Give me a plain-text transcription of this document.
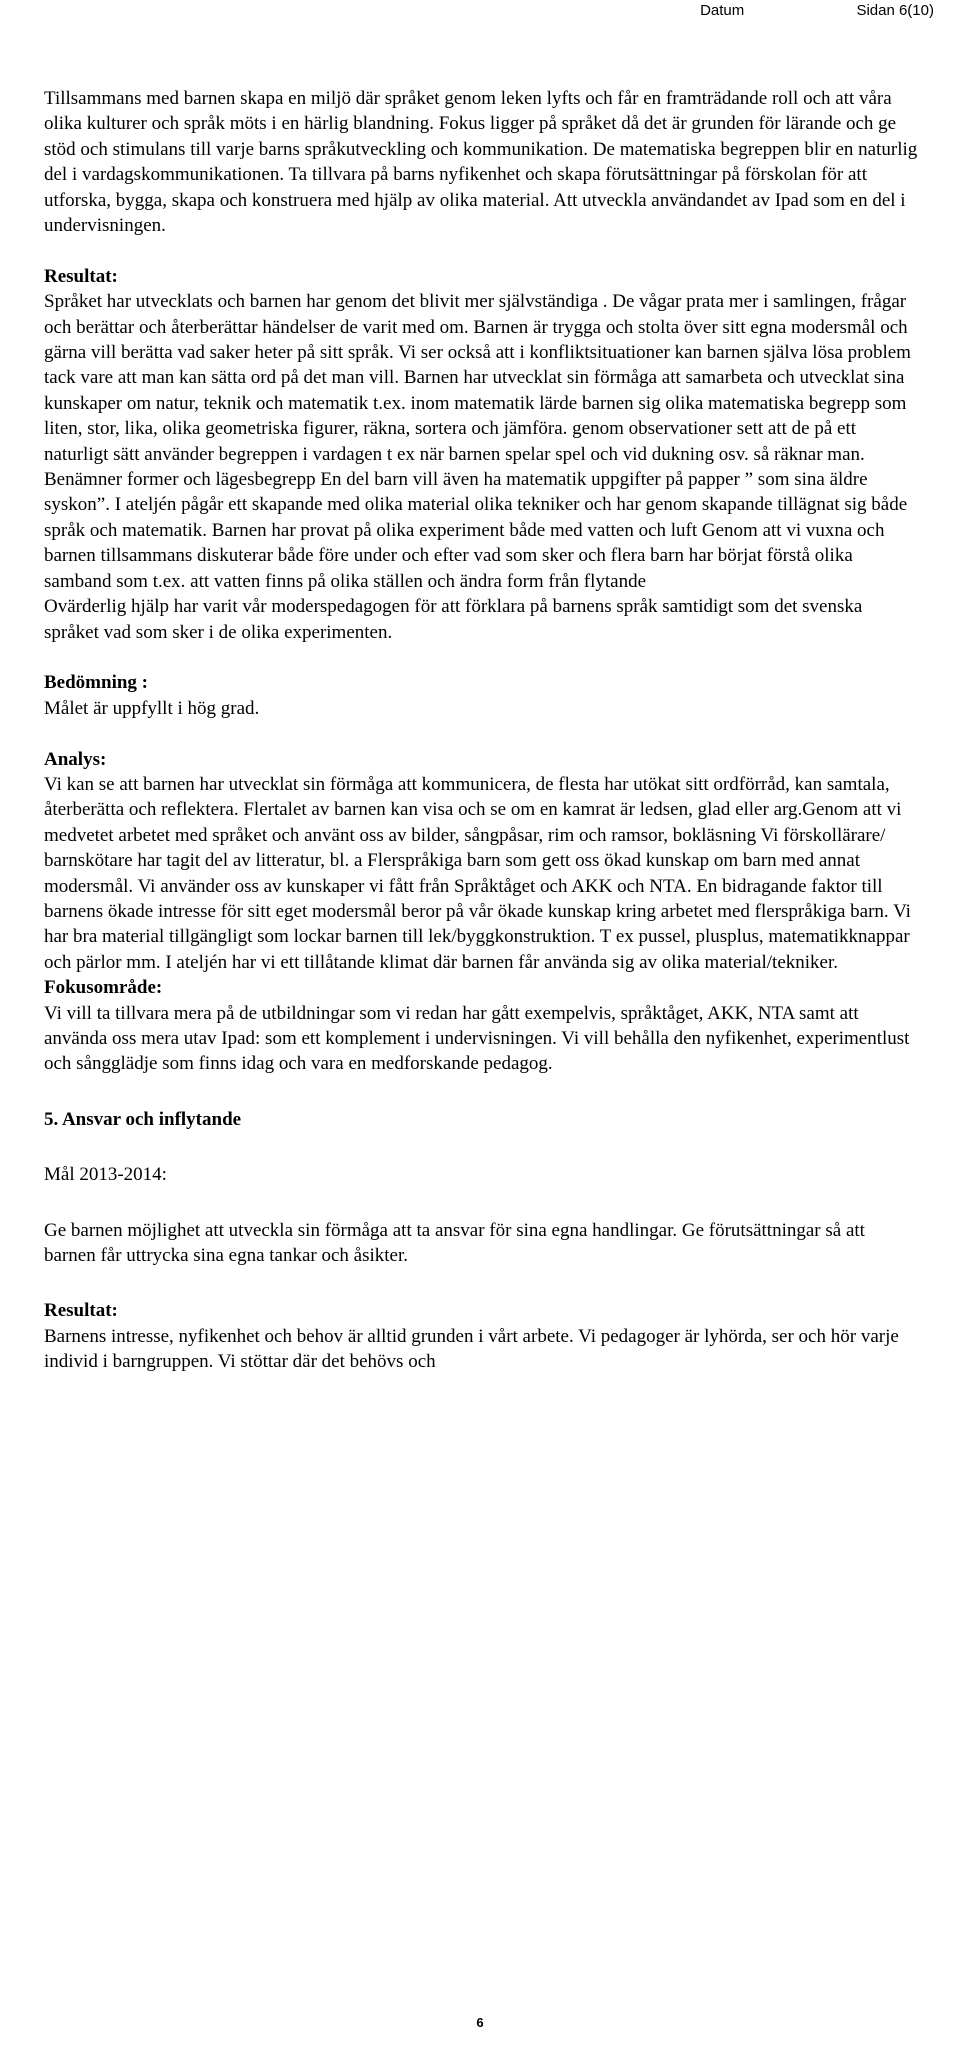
Datum	Sidan 6(10)

Tillsammans med barnen skapa en miljö där språket genom leken lyfts och får en framträdande roll och att våra olika kulturer och språk möts i en härlig blandning. Fokus ligger på språket då det är grunden för lärande och ge stöd och stimulans till varje barns språkutveckling och kommunikation. De matematiska begreppen blir en naturlig del i vardagskommunikationen. Ta tillvara på barns nyfikenhet och skapa förutsättningar på förskolan för att utforska, bygga, skapa och konstruera med hjälp av olika material. Att utveckla användandet av Ipad som en del i undervisningen.

Resultat:

Språket har utvecklats och barnen har genom det blivit mer självständiga . De vågar prata mer i samlingen, frågar och berättar och återberättar händelser de varit med om. Barnen är trygga och stolta över sitt egna modersmål och gärna vill berätta vad saker heter på sitt språk. Vi ser också att i konfliktsituationer kan barnen själva lösa problem tack vare att man kan sätta ord på det man vill. Barnen har utvecklat sin förmåga att samarbeta och utvecklat sina kunskaper om natur, teknik och matematik t.ex. inom matematik lärde barnen sig olika matematiska begrepp som liten, stor, lika, olika geometriska figurer, räkna, sortera och jämföra. genom observationer sett att de på ett naturligt sätt använder begreppen i vardagen t ex när barnen spelar spel och vid dukning osv. så räknar man. Benämner former och lägesbegrepp En del barn vill även ha matematik uppgifter på papper ” som sina äldre syskon”. I ateljén pågår ett skapande med olika material olika tekniker och har genom skapande tillägnat sig både språk och matematik. Barnen har provat på olika experiment både med vatten och luft Genom att vi vuxna och barnen tillsammans diskuterar både före under och efter vad som sker och flera barn har börjat förstå olika samband som t.ex. att vatten finns på olika ställen och ändra form från flytande

Ovärderlig hjälp har varit vår moderspedagogen för att förklara på barnens språk samtidigt som det svenska språket vad som sker i de olika experimenten.

Bedömning :

Målet är uppfyllt i hög grad.

Analys:

Vi kan se att barnen har utvecklat sin förmåga att kommunicera, de flesta har utökat sitt ordförråd, kan samtala, återberätta och reflektera. Flertalet av barnen kan visa och se om en kamrat är ledsen, glad eller arg.Genom att vi medvetet arbetet med språket och använt oss av bilder, sångpåsar, rim och ramsor, bokläsning Vi förskollärare/ barnskötare har tagit del av litteratur, bl. a Flerspråkiga barn som gett oss ökad kunskap om barn med annat modersmål. Vi använder oss av kunskaper vi fått från Språktåget och AKK och NTA. En bidragande faktor till barnens ökade intresse för sitt eget modersmål beror på vår ökade kunskap kring arbetet med flerspråkiga barn. Vi har bra material tillgängligt som lockar barnen till lek/byggkonstruktion. T ex pussel, plusplus, matematikknappar och pärlor mm. I ateljén har vi ett tillåtande klimat där barnen får använda sig av olika material/tekniker.

Fokusområde:

Vi vill ta tillvara mera på de utbildningar som vi redan har gått exempelvis, språktåget, AKK, NTA samt att använda oss mera utav Ipad: som ett komplement i undervisningen. Vi vill behålla den nyfikenhet, experimentlust och sångglädje som finns idag och vara en medforskande pedagog.

5. Ansvar och inflytande

Mål 2013-2014:

Ge barnen möjlighet att utveckla sin förmåga att ta ansvar för sina egna handlingar. Ge förutsättningar så att barnen får uttrycka sina egna tankar och åsikter.

Resultat:

Barnens intresse, nyfikenhet och behov är alltid grunden i vårt arbete. Vi pedagoger är lyhörda, ser och hör varje individ i barngruppen. Vi stöttar där det behövs och

6
